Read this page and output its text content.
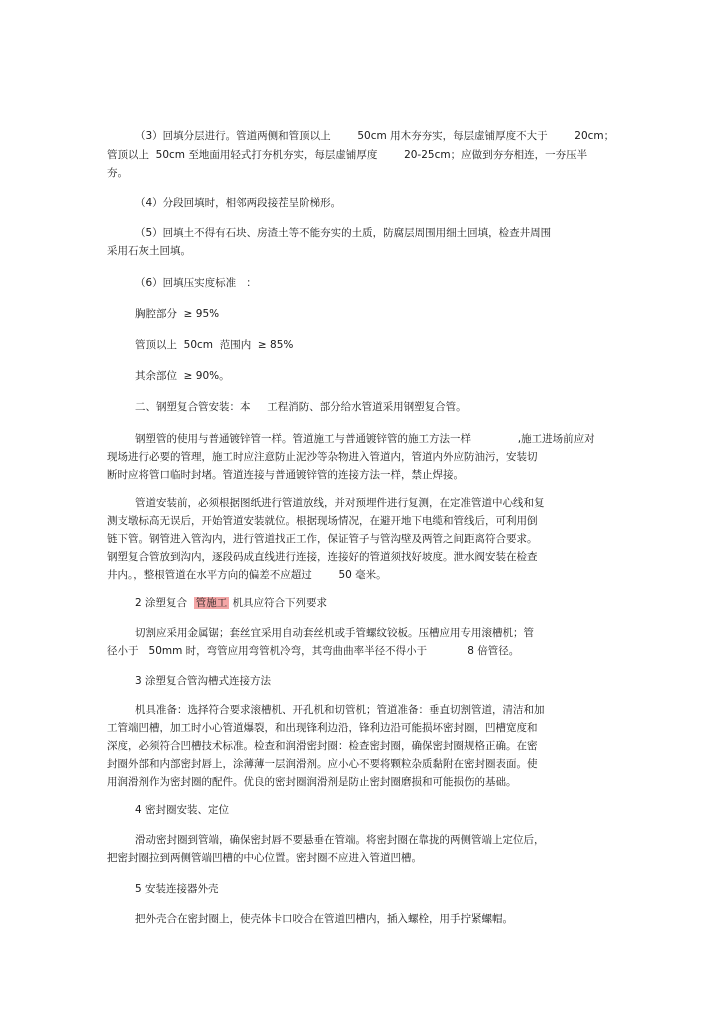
（3）回填分层进行。管道两侧和管顶以上        50cm 用木夯夯实，每层虚铺厚度不大于        20cm；
管顶以上  50cm 至地面用轻式打夯机夯实，每层虚铺厚度        20-25cm；应做到夯夯相连，一夯压半
夯。
（4）分段回填时，相邻两段接茬呈阶梯形。
（5）回填土不得有石块、房渣土等不能夯实的土质，防腐层周围用细土回填，检查井周围
采用石灰土回填。
（6）回填压实度标准   ：
胸腔部分  ≥ 95%
管顶以上  50cm  范围内  ≥ 85%
其余部位  ≥ 90%。
二、钢塑复合管安装：本     工程消防、部分给水管道采用钢塑复合管。
钢塑管的使用与普通镀锌管一样。管道施工与普通镀锌管的施工方法一样              ,施工进场前应对
现场进行必要的管理，施工时应注意防止泥沙等杂物进入管道内，管道内外应防油污，安装切
断时应将管口临时封堵。管道连接与普通镀锌管的连接方法一样，禁止焊接。
管道安装前，必须根据图纸进行管道放线，并对预埋件进行复测，在定准管道中心线和复
测支墩标高无误后，开始管道安装就位。根据现场情况，在避开地下电缆和管线后，可利用倒
链下管。钢管进入管沟内，进行管道找正工作，保证管子与管沟壁及两管之间距离符合要求。
钢塑复合管放到沟内，逐段码成直线进行连接，连接好的管道须找好坡度。泄水阀安装在检查
井内。，整根管道在水平方向的偏差不应超过        50 毫米。
2 涂塑复合  管施工 机具应符合下列要求
切割应采用金属锯；套丝宜采用自动套丝机或手管螺纹铰板。压槽应用专用滚槽机；管
径小于   50mm 时，弯管应用弯管机冷弯，其弯曲曲率半径不得小于            8 倍管径。
3 涂塑复合管沟槽式连接方法
机具准备：选择符合要求滚槽机、开孔机和切管机；管道准备：垂直切割管道，清洁和加
工管端凹槽，加工时小心管道爆裂，和出现锋利边沿，锋利边沿可能损坏密封圈，凹槽宽度和
深度，必须符合凹槽技术标准。检查和润滑密封圈：检查密封圈，确保密封圈规格正确。在密
封圈外部和内部密封唇上，涂薄薄一层润滑剂。应小心不要将颗粒杂质黏附在密封圈表面。使
用润滑剂作为密封圈的配件。优良的密封圈润滑剂是防止密封圈磨损和可能损伤的基础。
4 密封圈安装、定位
滑动密封圈到管端，确保密封唇不要悬垂在管端。将密封圈在靠拢的两侧管端上定位后，
把密封圈拉到两侧管端凹槽的中心位置。密封圈不应进入管道凹槽。
5 安装连接器外壳
把外壳合在密封圈上，使壳体卡口咬合在管道凹槽内，插入螺栓，用手拧紧螺帽。
